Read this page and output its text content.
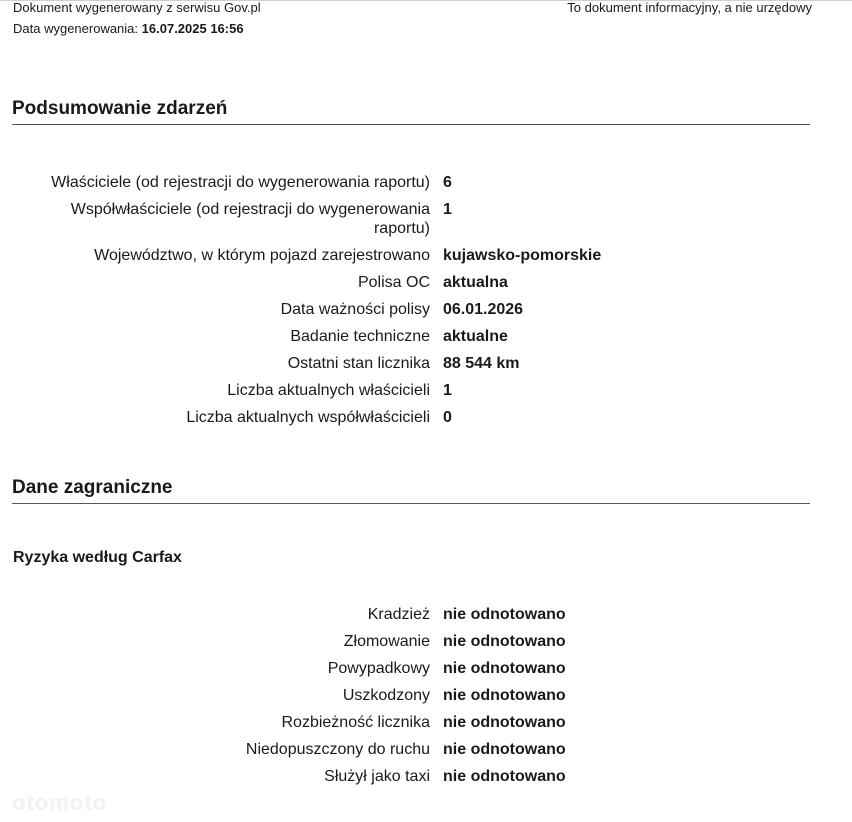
Dokument wygenerowany z serwisu Gov.pl	To dokument informacyjny, a nie urzędowy
Data wygenerowania: 16.07.2025 16:56
Podsumowanie zdarzeń
Właściciele (od rejestracji do wygenerowania raportu) 6
Współwłaściciele (od rejestracji do wygenerowania raportu)
1
Województwo, w którym pojazd zarejestrowano kujawsko-pomorskie
Polisa OC aktualna
Data ważności polisy 06.01.2026
Badanie techniczne aktualne
Ostatni stan licznika 88 544 km
Liczba aktualnych właścicieli 1
Liczba aktualnych współwłaścicieli 0
Dane zagraniczne
Ryzyka według Carfax
Kradzież nie odnotowano
Złomowanie nie odnotowano
Powypadkowy nie odnotowano
Uszkodzony nie odnotowano
Rozbieżność licznika nie odnotowano
Niedopuszczony do ruchu nie odnotowano
Służył jako taxi nie odnotowano
otomoto
